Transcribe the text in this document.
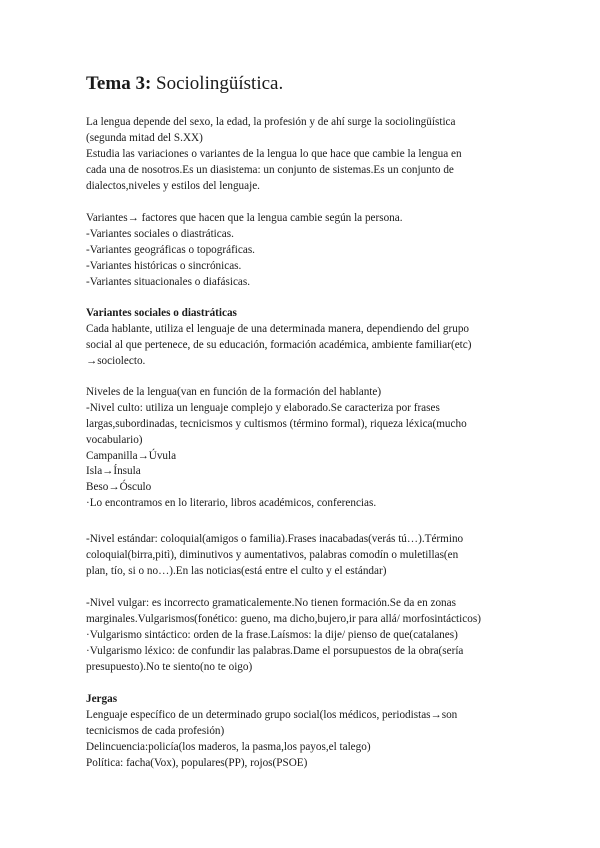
Tema 3: Sociolingüística.
La lengua depende del sexo, la edad, la profesión y de ahí surge la sociolingüística
(segunda mitad del S.XX)
Estudia las variaciones o variantes de la lengua lo que hace que cambie la lengua en
cada una de nosotros.Es un diasistema: un conjunto de sistemas.Es un conjunto de
dialectos,niveles y estilos del lenguaje.
Variantes→ factores que hacen que la lengua cambie según la persona.
-Variantes sociales o diastráticas.
-Variantes geográficas o topográficas.
-Variantes históricas o sincrónicas.
-Variantes situacionales o diafásicas.
Variantes sociales o diastráticas
Cada hablante, utiliza el lenguaje de una determinada manera, dependiendo del grupo
social al que pertenece, de su educación, formación académica, ambiente familiar(etc)
→sociolecto.
Niveles de la lengua(van en función de la formación del hablante)
-Nivel culto: utiliza un lenguaje complejo y elaborado.Se caracteriza por frases
largas,subordinadas, tecnicismos y cultismos (término formal), riqueza léxica(mucho
vocabulario)
Campanilla→Úvula
Isla→Ínsula
Beso→Ósculo
·Lo encontramos en lo literario, libros académicos, conferencias.
-Nivel estándar: coloquial(amigos o familia).Frases inacabadas(verás tú…).Término
coloquial(birra,pitì), diminutivos y aumentativos, palabras comodín o muletillas(en
plan, tío, si o no…).En las noticias(está entre el culto y el estándar)
-Nivel vulgar: es incorrecto gramaticalemente.No tienen formación.Se da en zonas
marginales.Vulgarismos(fonético: gueno, ma dicho,bujero,ir para allá/ morfosintácticos)
·Vulgarismo sintáctico: orden de la frase.Laísmos: la dije/ pienso de que(catalanes)
·Vulgarismo léxico: de confundir las palabras.Dame el porsupuestos de la obra(sería
presupuesto).No te siento(no te oigo)
Jergas
Lenguaje específico de un determinado grupo social(los médicos, periodistas→son
tecnicismos de cada profesión)
Delincuencia:policía(los maderos, la pasma,los payos,el talego)
Política: facha(Vox), populares(PP), rojos(PSOE)
